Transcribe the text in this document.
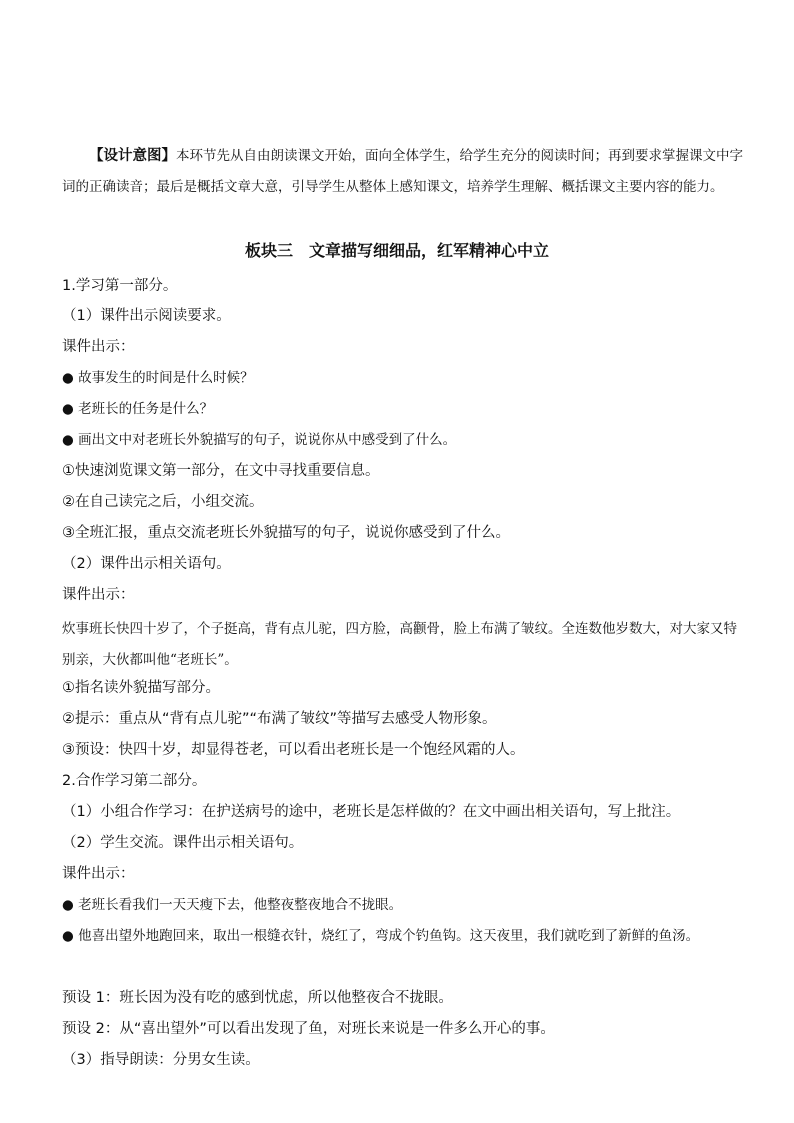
【设计意图】本环节先从自由朗读课文开始，面向全体学生，给学生充分的阅读时间；再到要求掌握课文中字词的正确读音；最后是概括文章大意，引导学生从整体上感知课文，培养学生理解、概括课文主要内容的能力。

板块三　文章描写细细品，红军精神心中立

1.学习第一部分。

（1）课件出示阅读要求。

课件出示：

● 故事发生的时间是什么时候？

● 老班长的任务是什么？

● 画出文中对老班长外貌描写的句子，说说你从中感受到了什么。

①快速浏览课文第一部分，在文中寻找重要信息。

②在自己读完之后，小组交流。

③全班汇报，重点交流老班长外貌描写的句子，说说你感受到了什么。

（2）课件出示相关语句。

课件出示：

炊事班长快四十岁了，个子挺高，背有点儿驼，四方脸，高颧骨，脸上布满了皱纹。全连数他岁数大，对大家又特别亲，大伙都叫他“老班长”。

①指名读外貌描写部分。

②提示：重点从“背有点儿驼”“布满了皱纹”等描写去感受人物形象。

③预设：快四十岁，却显得苍老，可以看出老班长是一个饱经风霜的人。

2.合作学习第二部分。

（1）小组合作学习：在护送病号的途中，老班长是怎样做的？在文中画出相关语句，写上批注。

（2）学生交流。课件出示相关语句。

课件出示：

● 老班长看我们一天天瘦下去，他整夜整夜地合不拢眼。

● 他喜出望外地跑回来，取出一根缝衣针，烧红了，弯成个钓鱼钩。这天夜里，我们就吃到了新鲜的鱼汤。

预设 1：班长因为没有吃的感到忧虑，所以他整夜合不拢眼。

预设 2：从“喜出望外”可以看出发现了鱼，对班长来说是一件多么开心的事。

（3）指导朗读：分男女生读。
